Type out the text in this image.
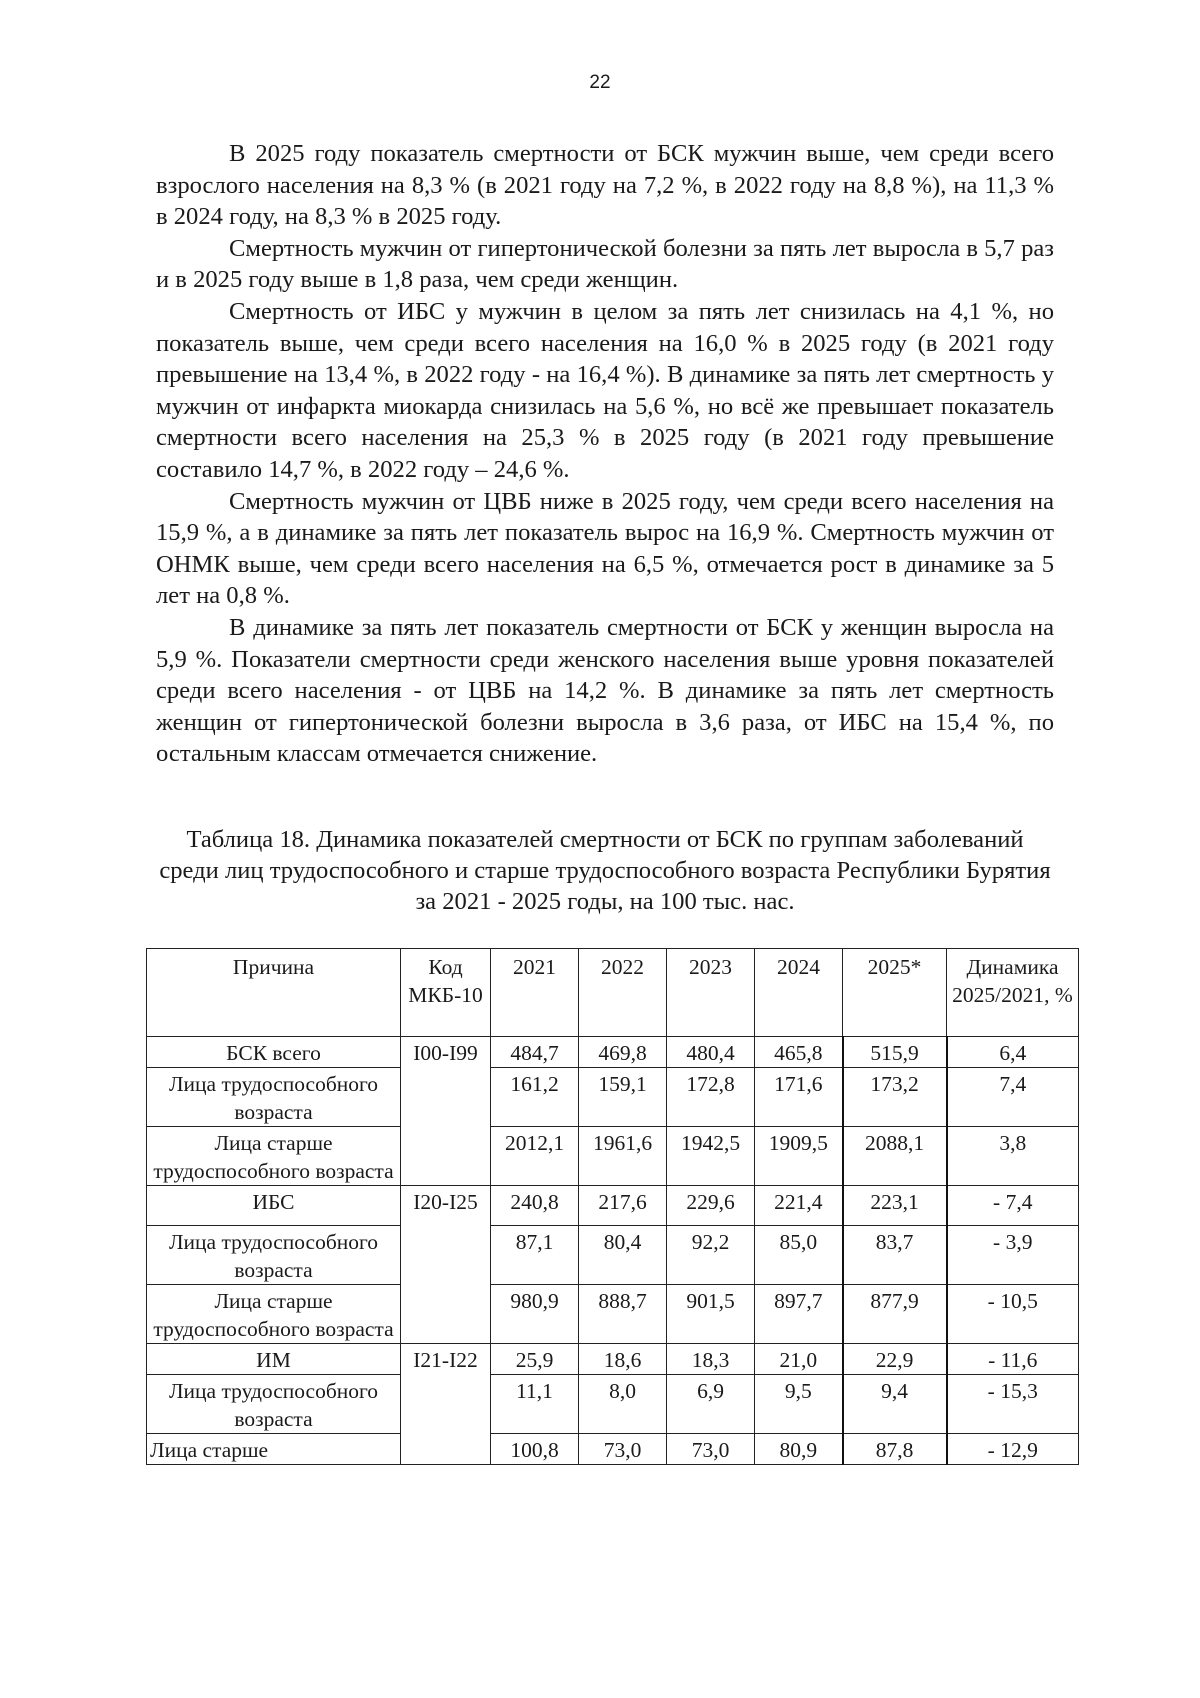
22

В 2025 году показатель смертности от БСК мужчин выше, чем среди всего взрослого населения на 8,3 % (в 2021 году на 7,2 %, в 2022 году на 8,8 %), на 11,3 % в 2024 году, на 8,3 % в 2025 году.

Смертность мужчин от гипертонической болезни за пять лет выросла в 5,7 раз и в 2025 году выше в 1,8 раза, чем среди женщин.

Смертность от ИБС у мужчин в целом за пять лет снизилась на 4,1 %, но показатель выше, чем среди всего населения на 16,0 % в 2025 году (в 2021 году превышение на 13,4 %, в 2022 году - на 16,4 %). В динамике за пять лет смертность у мужчин от инфаркта миокарда снизилась на 5,6 %, но всё же превышает показатель смертности всего населения на 25,3 % в 2025 году (в 2021 году превышение составило 14,7 %, в 2022 году – 24,6 %.

Смертность мужчин от ЦВБ ниже в 2025 году, чем среди всего населения на 15,9 %, а в динамике за пять лет показатель вырос на 16,9 %. Смертность мужчин от ОНМК выше, чем среди всего населения на 6,5 %, отмечается рост в динамике за 5 лет на 0,8 %.

В динамике за пять лет показатель смертности от БСК у женщин выросла на 5,9 %. Показатели смертности среди женского населения выше уровня показателей среди всего населения - от ЦВБ на 14,2 %. В динамике за пять лет смертность женщин от гипертонической болезни выросла в 3,6 раза, от ИБС на 15,4 %, по остальным классам отмечается снижение.

Таблица 18. Динамика показателей смертности от БСК по группам заболеваний среди лиц трудоспособного и старше трудоспособного возраста Республики Бурятия за 2021 - 2025 годы, на 100 тыс. нас.
Причина	Код МКБ-10	2021	2022	2023	2024	2025*	Динамика 2025/2021, %
БСК всего	I00-I99	484,7	469,8	480,4	465,8	515,9	6,4
Лица трудоспособного возраста		161,2	159,1	172,8	171,6	173,2	7,4
Лица старше трудоспособного возраста		2012,1	1961,6	1942,5	1909,5	2088,1	3,8
ИБС	I20-I25	240,8	217,6	229,6	221,4	223,1	- 7,4
Лица трудоспособного возраста		87,1	80,4	92,2	85,0	83,7	- 3,9
Лица старше трудоспособного возраста		980,9	888,7	901,5	897,7	877,9	- 10,5
ИМ	I21-I22	25,9	18,6	18,3	21,0	22,9	- 11,6
Лица трудоспособного возраста		11,1	8,0	6,9	9,5	9,4	- 15,3
Лица старше		100,8	73,0	73,0	80,9	87,8	- 12,9
